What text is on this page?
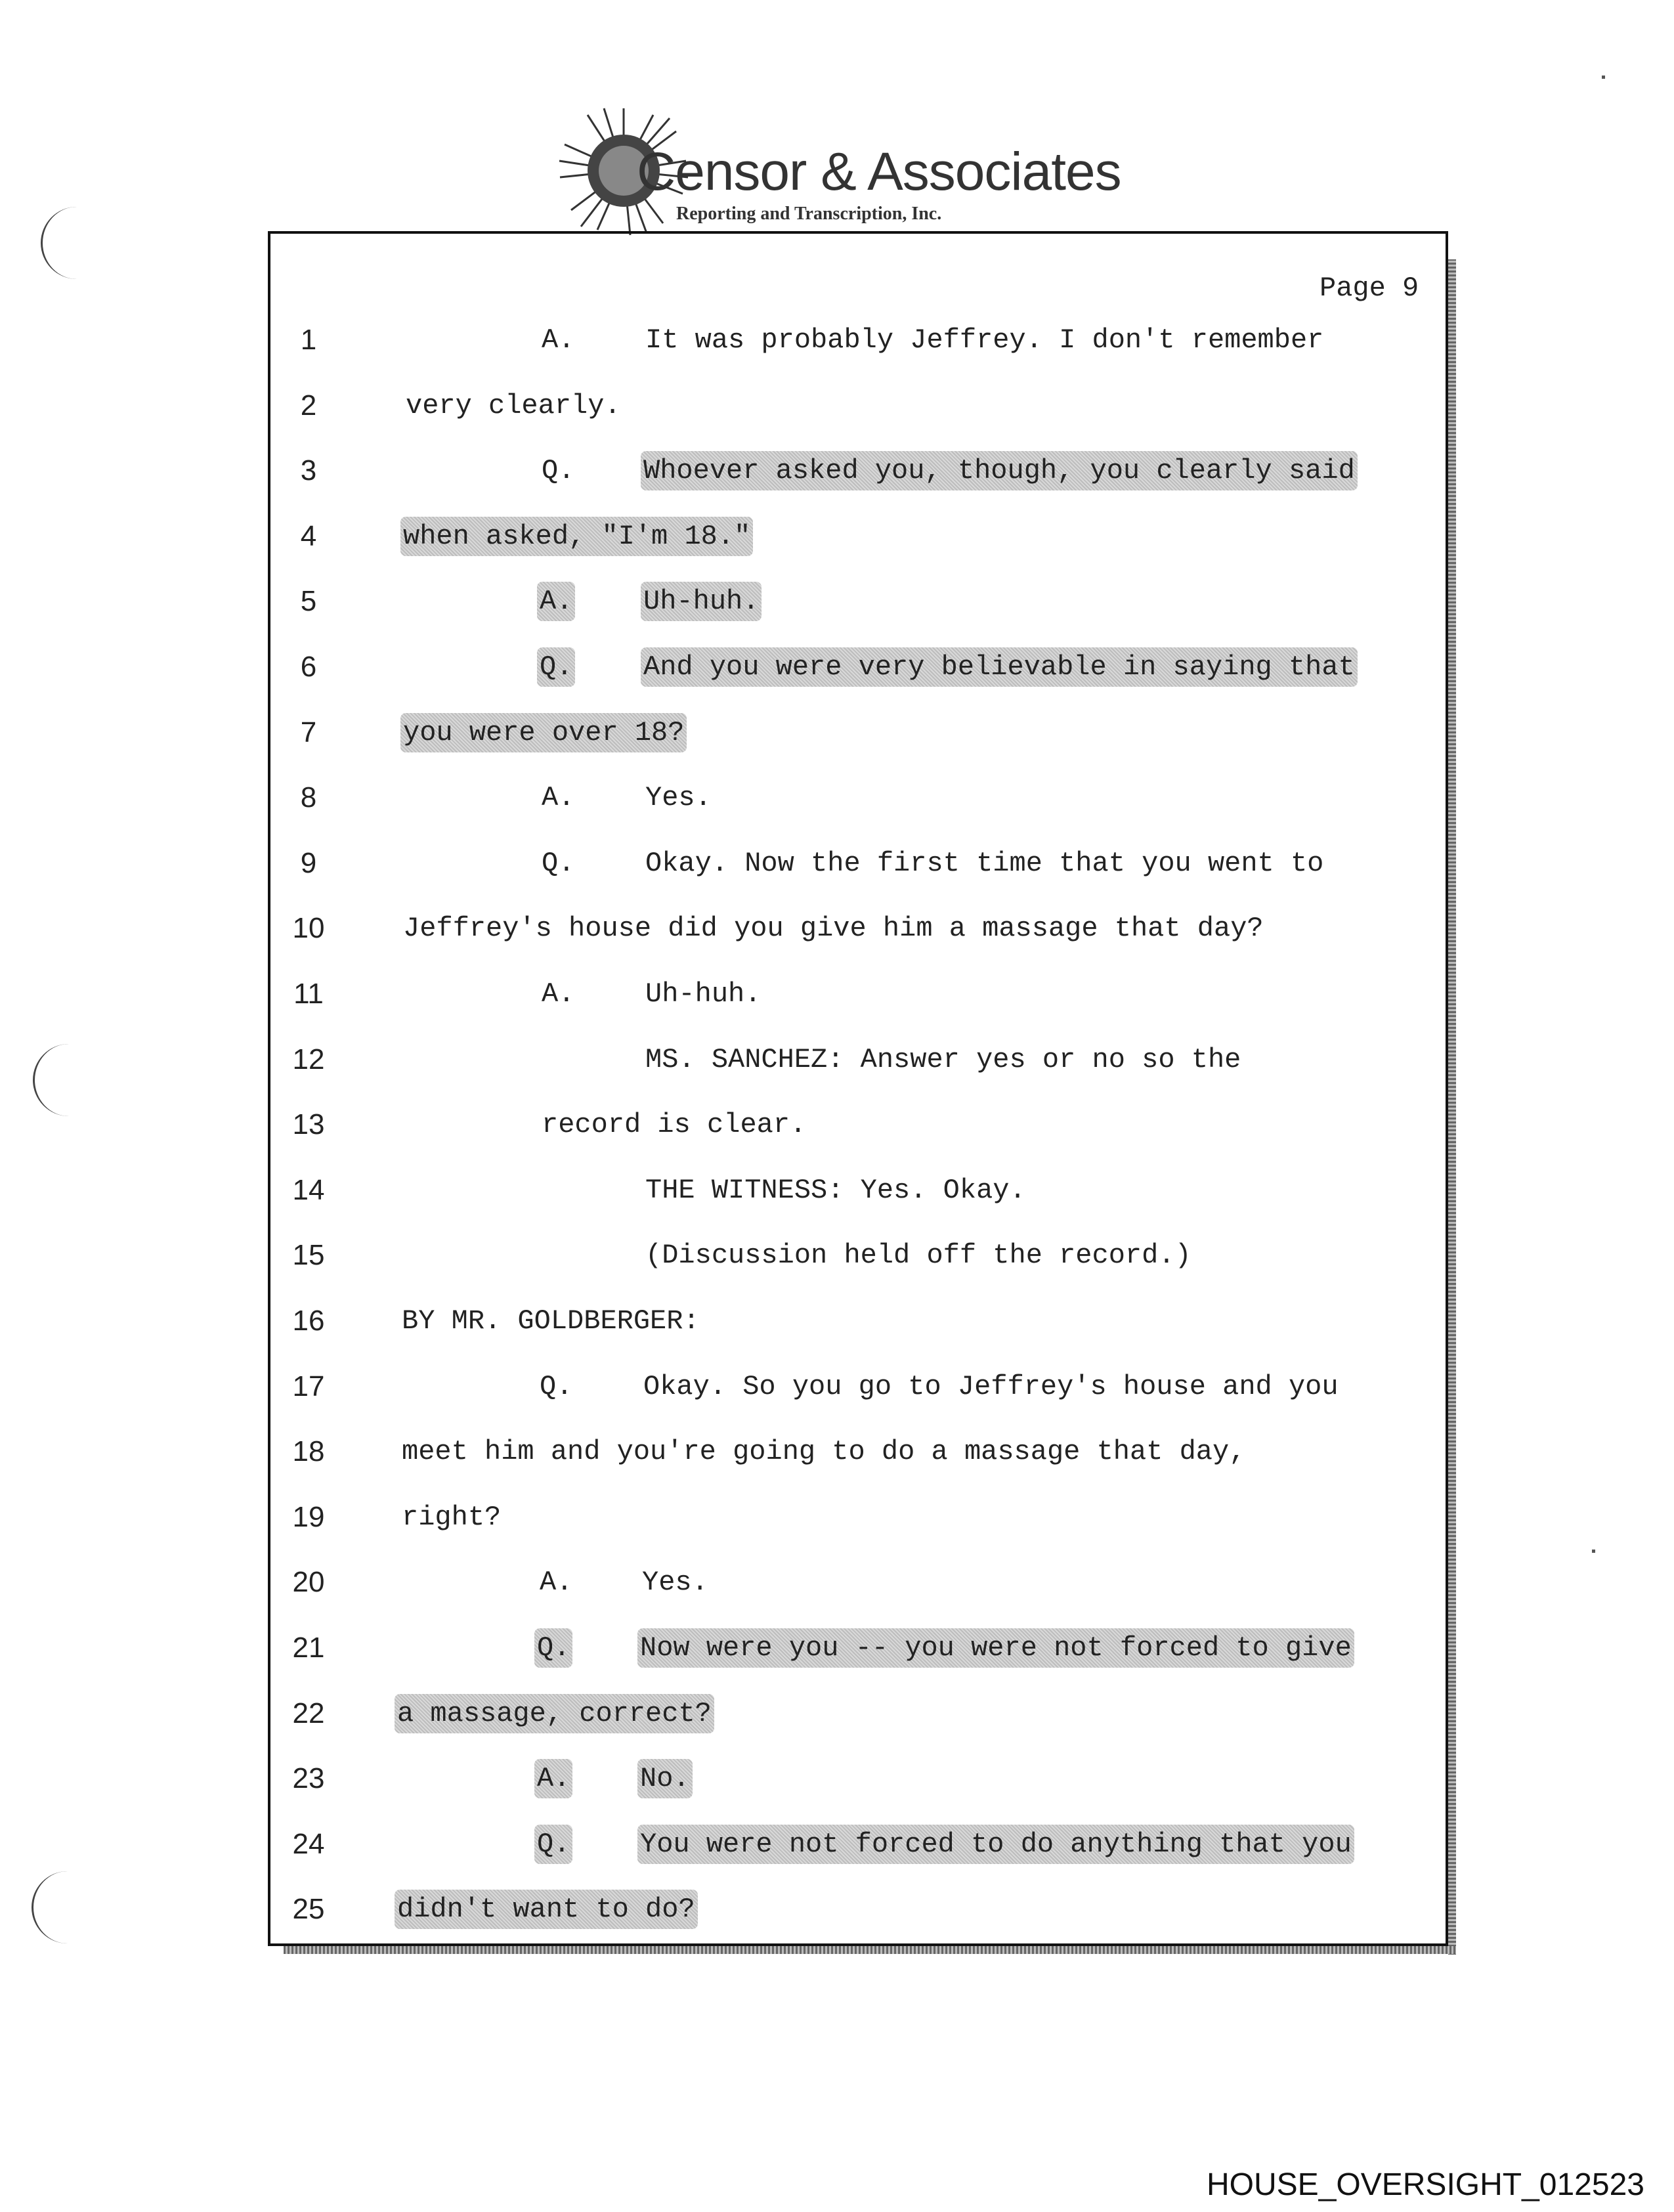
Censor & Associates
Reporting and Transcription, Inc.
Page 9
1	A.	It was probably Jeffrey. I don't remember
2	very clearly.
3	Q. Whoever asked you, though, you clearly said
4	when asked, "I'm 18."
5	A.	Uh-huh.
6	Q.	And you were very believable in saying that
7	you were over 18?
8	A.	Yes.
9	Q.	Okay. Now the first time that you went to
10	Jeffrey's house did you give him a massage that day?
11	A.	Uh-huh.
12	MS. SANCHEZ: Answer yes or no so the
13	record is clear.
14	THE WITNESS: Yes. Okay.
15	(Discussion held off the record.)
16	BY MR. GOLDBERGER:
17	Q.	Okay. So you go to Jeffrey's house and you
18	meet him and you're going to do a massage that day,
19	right?
20	A.	Yes.
21	Q.	Now were you -- you were not forced to give
22	a massage, correct?
23	A.	No.
24	Q.	You were not forced to do anything that you
25	didn't want to do?
HOUSE_OVERSIGHT_012523
